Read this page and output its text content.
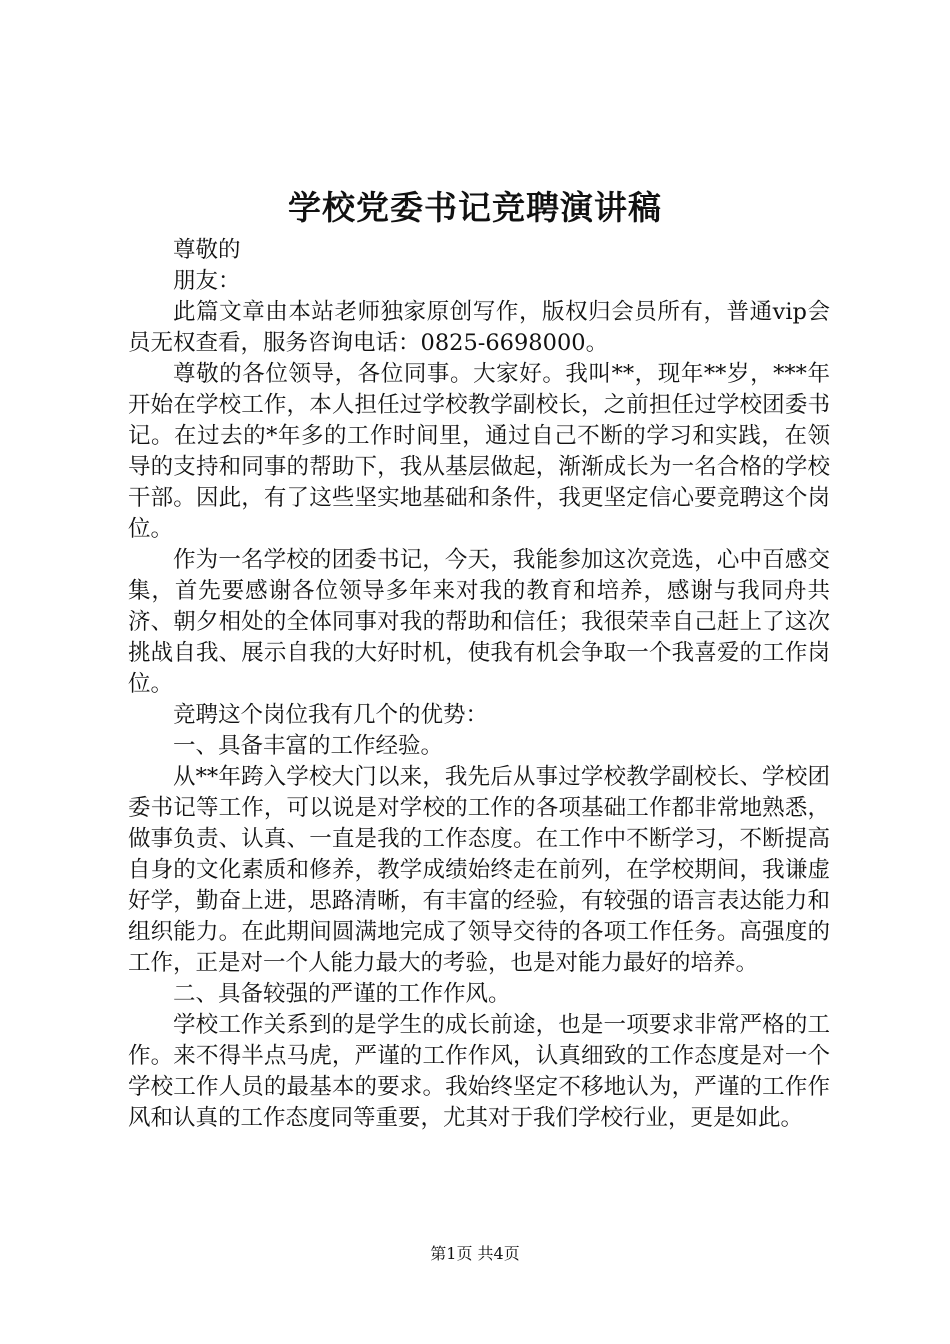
学校党委书记竞聘演讲稿

尊敬的

朋友：

此篇文章由本站老师独家原创写作，版权归会员所有，普通vip会员无权查看，服务咨询电话：0825-6698000。

尊敬的各位领导，各位同事。大家好。我叫**，现年**岁，***年开始在学校工作，本人担任过学校教学副校长，之前担任过学校团委书记。在过去的*年多的工作时间里，通过自己不断的学习和实践，在领导的支持和同事的帮助下，我从基层做起，渐渐成长为一名合格的学校干部。因此，有了这些坚实地基础和条件，我更坚定信心要竞聘这个岗位。

作为一名学校的团委书记，今天，我能参加这次竞选，心中百感交集，首先要感谢各位领导多年来对我的教育和培养，感谢与我同舟共济、朝夕相处的全体同事对我的帮助和信任；我很荣幸自己赶上了这次挑战自我、展示自我的大好时机，使我有机会争取一个我喜爱的工作岗位。

竞聘这个岗位我有几个的优势：

一、具备丰富的工作经验。

从**年跨入学校大门以来，我先后从事过学校教学副校长、学校团委书记等工作，可以说是对学校的工作的各项基础工作都非常地熟悉，做事负责、认真、一直是我的工作态度。在工作中不断学习，不断提高自身的文化素质和修养，教学成绩始终走在前列，在学校期间，我谦虚好学，勤奋上进，思路清晰，有丰富的经验，有较强的语言表达能力和组织能力。在此期间圆满地完成了领导交待的各项工作任务。高强度的工作，正是对一个人能力最大的考验，也是对能力最好的培养。

二、具备较强的严谨的工作作风。

学校工作关系到的是学生的成长前途，也是一项要求非常严格的工作。来不得半点马虎，严谨的工作作风，认真细致的工作态度是对一个学校工作人员的最基本的要求。我始终坚定不移地认为，严谨的工作作风和认真的工作态度同等重要，尤其对于我们学校行业，更是如此。

第1页 共4页
